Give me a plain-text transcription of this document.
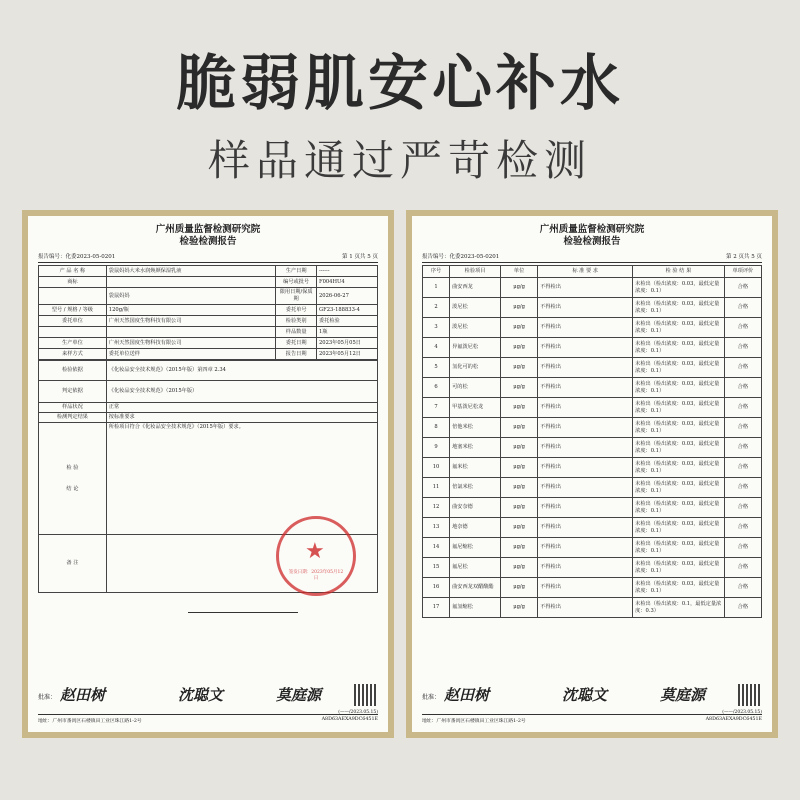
脆弱肌安心补水
样品通过严苛检测
广州质量监督检测研究院
检验检测报告
报告编号：化委2023-05-0201	第 1 页共 5 页
产 品 名 称	袋鼠妈妈大米水润焕颜保湿乳液	生产日期	------
商标		编号或批号	F004HU4
	袋鼠妈妈	限用日期/保质期	2026-06-27
型号 / 规格 / 等级	120g/瓶	委托单号	GF23-188833-4
委托单位	广州天然国度生物科技有限公司	检验类别	委托检验
		样品数量	1瓶
生产单位	广州天然国度生物科技有限公司	委托日期	2023年05月05日
来样方式	委托单位送样	报告日期	2023年05月12日
检验依据	《化妆品安全技术规范》（2015年版）第四章 2.34
判定依据	《化妆品安全技术规范》（2015年版）
样品状况	正常
检测判定结果	按标准要求

检 验
结 论	所检项目符合《化妆品安全技术规范》（2015年版）要求。
备 注		★
签发日期：2023年05月12日
批准： 赵田树	沈聪文	莫庭源
地址：广州市番禺区石楼镇田工业区珠江路1-2号	A8D63AEXA9DC6451E
(——/2023.05.15)
广州质量监督检测研究院
检验检测报告
报告编号：化委2023-05-0201	第 2 页共 5 页
序号	检验项目	单位	标 准 要 求	检 验 结 果	单项评价
1	曲安西龙	μg/g	不得检出	未检出（检出浓度：0.03，最低定量浓度：0.1）	合格
2	泼尼松	μg/g	不得检出	未检出（检出浓度：0.03，最低定量浓度：0.1）	合格
3	泼尼松	μg/g	不得检出	未检出（检出浓度：0.03，最低定量浓度：0.1）	合格
4	异氟泼尼松	μg/g	不得检出	未检出（检出浓度：0.03，最低定量浓度：0.1）	合格
5	氢化可的松	μg/g	不得检出	未检出（检出浓度：0.03，最低定量浓度：0.1）	合格
6	可的松	μg/g	不得检出	未检出（检出浓度：0.03，最低定量浓度：0.1）	合格
7	甲基泼尼松龙	μg/g	不得检出	未检出（检出浓度：0.03，最低定量浓度：0.1）	合格
8	倍他米松	μg/g	不得检出	未检出（检出浓度：0.03，最低定量浓度：0.1）	合格
9	地塞米松	μg/g	不得检出	未检出（检出浓度：0.03，最低定量浓度：0.1）	合格
10	氟米松	μg/g	不得检出	未检出（检出浓度：0.03，最低定量浓度：0.1）	合格
11	倍氯米松	μg/g	不得检出	未检出（检出浓度：0.03，最低定量浓度：0.1）	合格
12	曲安奈德	μg/g	不得检出	未检出（检出浓度：0.03，最低定量浓度：0.1）	合格
13	地奈德	μg/g	不得检出	未检出（检出浓度：0.03，最低定量浓度：0.1）	合格
14	氟尼缩松	μg/g	不得检出	未检出（检出浓度：0.03，最低定量浓度：0.1）	合格
15	氟尼松	μg/g	不得检出	未检出（检出浓度：0.03，最低定量浓度：0.1）	合格
16	曲安西龙双醋酸酯	μg/g	不得检出	未检出（检出浓度：0.03，最低定量浓度：0.1）	合格
17	氟氢缩松	μg/g	不得检出	未检出（检出浓度：0.1，最低定量浓度：0.3）	合格
批准： 赵田树	沈聪文	莫庭源
地址：广州市番禺区石楼镇田工业区珠江路1-2号	A8D63AEXA9DC6451E
(——/2023.05.15)
